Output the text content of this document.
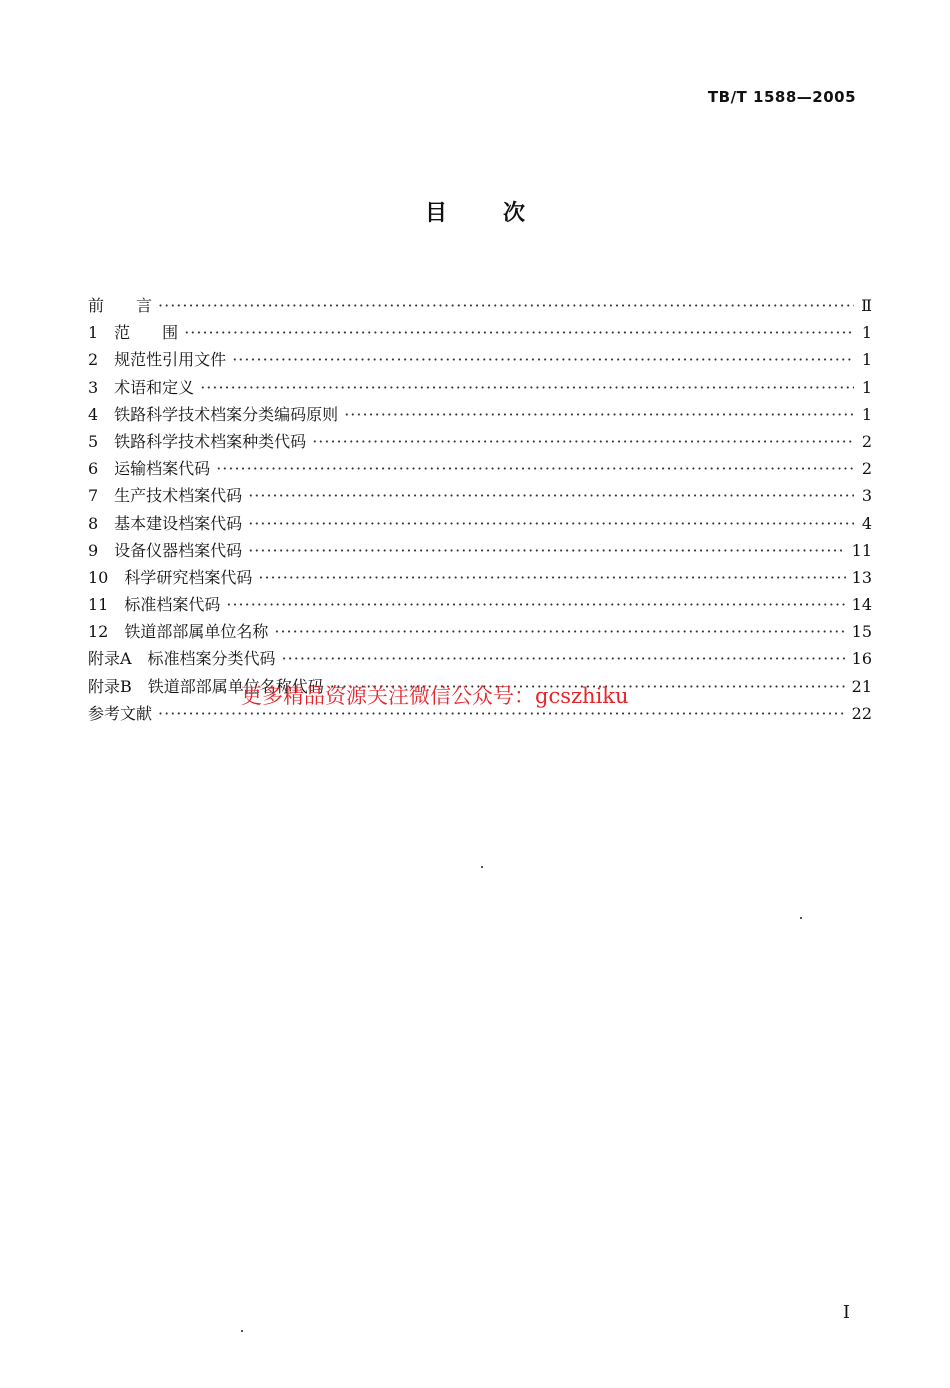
TB/T 1588—2005
目次
前　　言 ·····	Ⅱ
1　范　　围 ·····	1
2　规范性引用文件 ·····	1
3　术语和定义 ·····	1
4　铁路科学技术档案分类编码原则 ·····	1
5　铁路科学技术档案种类代码 ·····	2
6　运输档案代码 ·····	2
7　生产技术档案代码 ·····	3
8　基本建设档案代码 ·····	4
9　设备仪器档案代码 ·····	11
10　科学研究档案代码 ·····	13
11　标准档案代码 ·····	14
12　铁道部部属单位名称 ·····	15
附录A　标准档案分类代码 ·····	16
附录B　铁道部部属单位名称代码 ·····	21
参考文献 ·····	22
更多精品资源关注微信公众号：gcszhiku
I
